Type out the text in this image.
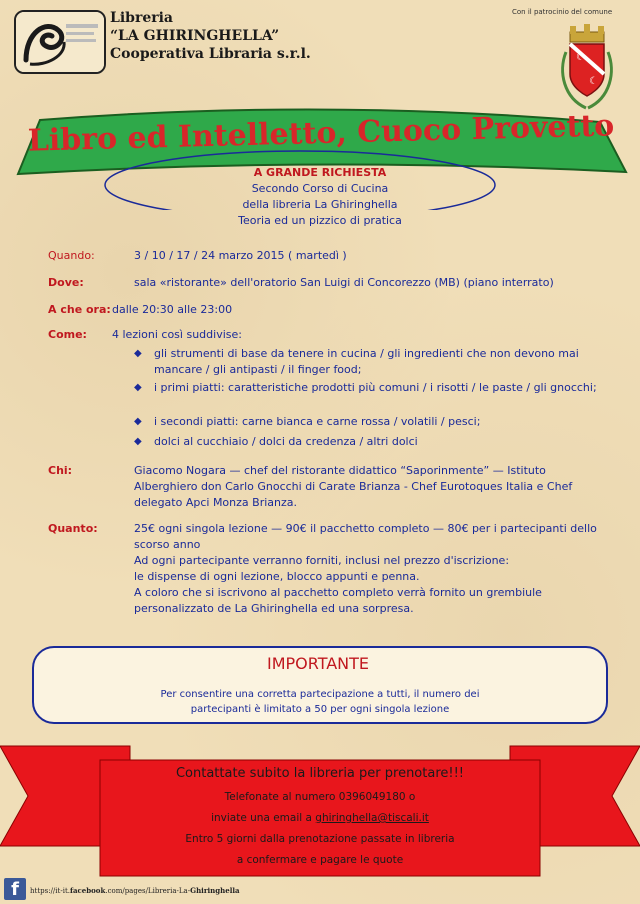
Libreria
“LA GHIRINGHELLA”
Cooperativa Libraria s.r.l.
Con il patrocinio del comune
☾
☾
Libro ed Intelletto, Cuoco Provetto
A GRANDE RICHIESTA
Secondo Corso di Cucina
della libreria La Ghiringhella
Teoria ed un pizzico di pratica
Quando:	3 / 10 / 17 / 24 marzo 2015 ( martedì )
Dove:	sala «ristorante» dell'oratorio San Luigi di Concorezzo (MB) (piano interrato)
A che ora: dalle 20:30 alle 23:00
Come: 4 lezioni così suddivise:
◆ gli strumenti di base da tenere in cucina / gli ingredienti che non devono mai mancare / gli antipasti / il finger food;
◆ i primi piatti: caratteristiche prodotti più comuni / i risotti / le paste / gli gnocchi;
◆ i secondi piatti: carne bianca e carne rossa / volatili / pesci;
◆ dolci al cucchiaio / dolci da credenza / altri dolci
Chi:	Giacomo Nogara — chef del ristorante didattico “Saporinmente” — Istituto Alberghiero don Carlo Gnocchi di Carate Brianza - Chef Eurotoques Italia e Chef delegato Apci Monza Brianza.
Quanto:	25€ ogni singola lezione — 90€ il pacchetto completo — 80€ per i partecipanti dello scorso anno
Ad ogni partecipante verranno forniti, inclusi nel prezzo d'iscrizione:
le dispense di ogni lezione, blocco appunti e penna.
A coloro che si iscrivono al pacchetto completo verrà fornito un grembiule personalizzato de La Ghiringhella ed una sorpresa.
IMPORTANTE
Per consentire una corretta partecipazione a tutti, il numero dei partecipanti è limitato a 50 per ogni singola lezione
Contattate subito la libreria per prenotare!!!
Telefonate al numero 0396049180 o
inviate una email a ghiringhella@tiscali.it
Entro 5 giorni dalla prenotazione passate in libreria
a confermare e pagare le quote
f	https://it-it.facebook.com/pages/Libreria-La-Ghiringhella
